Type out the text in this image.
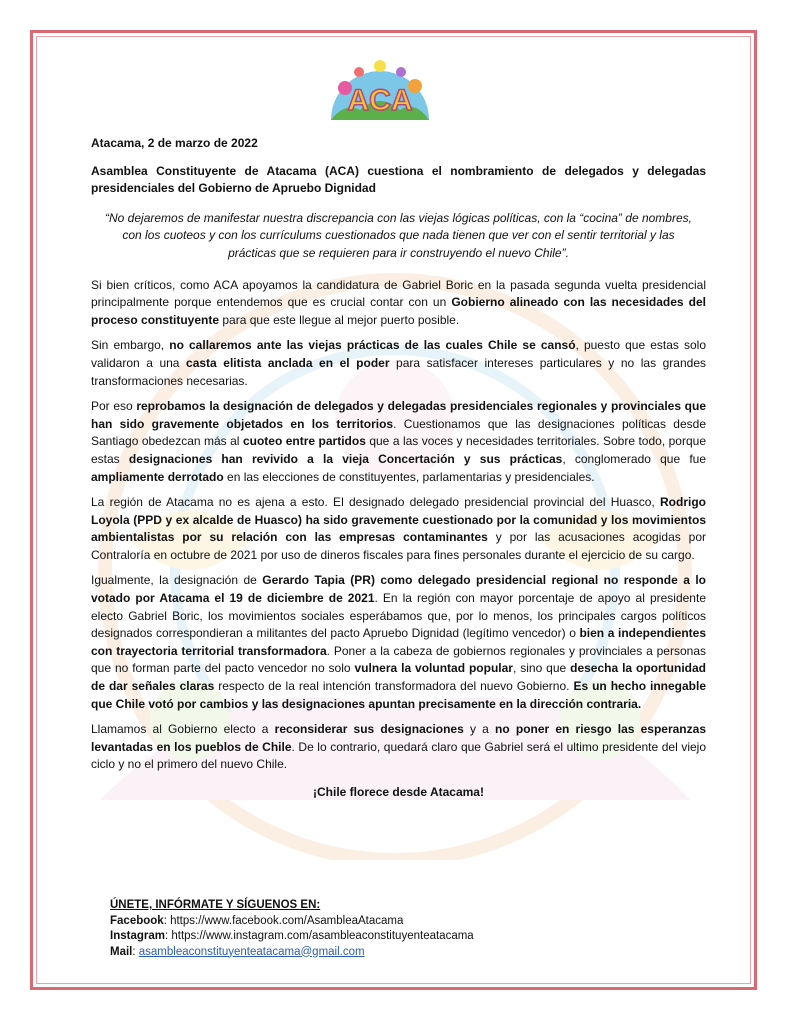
ACA

Atacama, 2 de marzo de 2022

Asamblea Constituyente de Atacama (ACA) cuestiona el nombramiento de delegados y delegadas presidenciales del Gobierno de Apruebo Dignidad

“No dejaremos de manifestar nuestra discrepancia con las viejas lógicas políticas, con la “cocina” de nombres, con los cuoteos y con los currículums cuestionados que nada tienen que ver con el sentir territorial y las prácticas que se requieren para ir construyendo el nuevo Chile”.

Si bien críticos, como ACA apoyamos la candidatura de Gabriel Boric en la pasada segunda vuelta presidencial principalmente porque entendemos que es crucial contar con un Gobierno alineado con las necesidades del proceso constituyente para que este llegue al mejor puerto posible.

Sin embargo, no callaremos ante las viejas prácticas de las cuales Chile se cansó, puesto que estas solo validaron a una casta elitista anclada en el poder para satisfacer intereses particulares y no las grandes transformaciones necesarias.

Por eso reprobamos la designación de delegados y delegadas presidenciales regionales y provinciales que han sido gravemente objetados en los territorios. Cuestionamos que las designaciones políticas desde Santiago obedezcan más al cuoteo entre partidos que a las voces y necesidades territoriales. Sobre todo, porque estas designaciones han revivido a la vieja Concertación y sus prácticas, conglomerado que fue ampliamente derrotado en las elecciones de constituyentes, parlamentarias y presidenciales.

La región de Atacama no es ajena a esto. El designado delegado presidencial provincial del Huasco, Rodrigo Loyola (PPD y ex alcalde de Huasco) ha sido gravemente cuestionado por la comunidad y los movimientos ambientalistas por su relación con las empresas contaminantes y por las acusaciones acogidas por Contraloría en octubre de 2021 por uso de dineros fiscales para fines personales durante el ejercicio de su cargo.

Igualmente, la designación de Gerardo Tapia (PR) como delegado presidencial regional no responde a lo votado por Atacama el 19 de diciembre de 2021. En la región con mayor porcentaje de apoyo al presidente electo Gabriel Boric, los movimientos sociales esperábamos que, por lo menos, los principales cargos políticos designados correspondieran a militantes del pacto Apruebo Dignidad (legítimo vencedor) o bien a independientes con trayectoria territorial transformadora. Poner a la cabeza de gobiernos regionales y provinciales a personas que no forman parte del pacto vencedor no solo vulnera la voluntad popular, sino que desecha la oportunidad de dar señales claras respecto de la real intención transformadora del nuevo Gobierno. Es un hecho innegable que Chile votó por cambios y las designaciones apuntan precisamente en la dirección contraria.

Llamamos al Gobierno electo a reconsiderar sus designaciones y a no poner en riesgo las esperanzas levantadas en los pueblos de Chile. De lo contrario, quedará claro que Gabriel será el ultimo presidente del viejo ciclo y no el primero del nuevo Chile.

¡Chile florece desde Atacama!

ÚNETE, INFÓRMATE Y SÍGUENOS EN:
Facebook: https://www.facebook.com/AsambleaAtacama
Instagram: https://www.instagram.com/asambleaconstituyenteatacama
Mail: asambleaconstituyenteatacama@gmail.com
